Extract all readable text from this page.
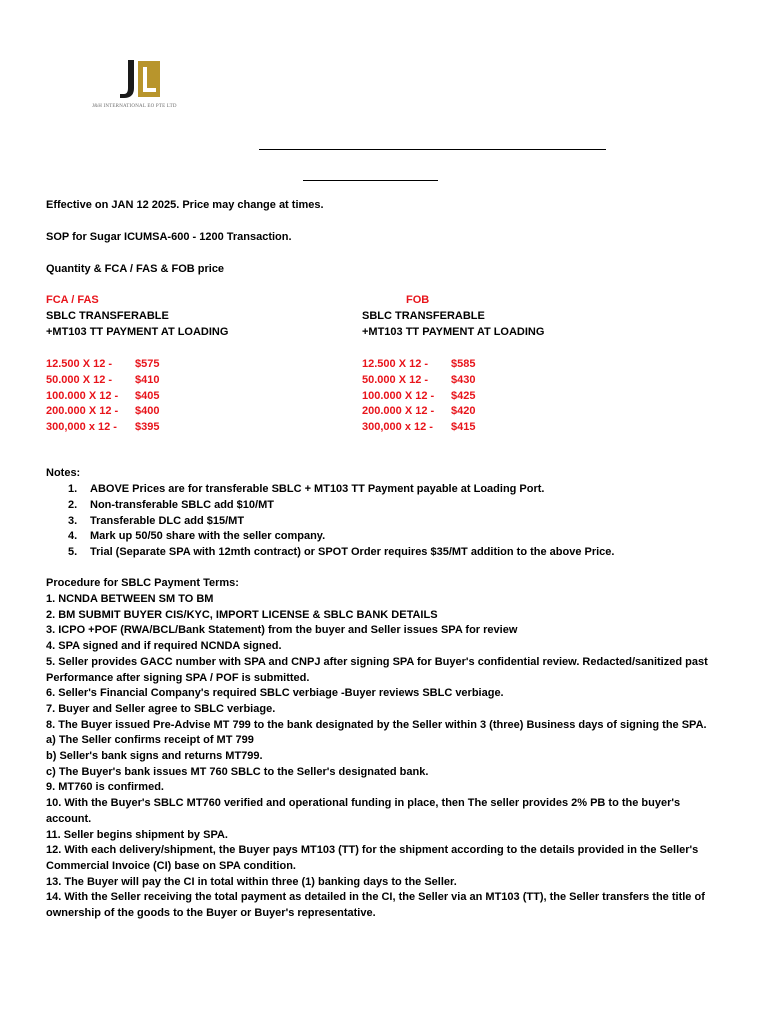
J&H INTERNATIONAL EO PTE LTD
Effective on JAN 12 2025. Price may change at times.
SOP for Sugar ICUMSA-600 - 1200 Transaction.
Quantity & FCA / FAS & FOB price
FCA / FAS
SBLC TRANSFERABLE
+MT103 TT PAYMENT AT LOADING
FOB
SBLC TRANSFERABLE
+MT103 TT PAYMENT AT LOADING
12.500 X 12 - $575
50.000 X 12 - $410
100.000 X 12 - $405
200.000 X 12 - $400
300,000 x 12 - $395
12.500 X 12 - $585
50.000 X 12 - $430
100.000 X 12 - $425
200.000 X 12 - $420
300,000 x 12 - $415
Notes:
1. ABOVE Prices are for transferable SBLC + MT103 TT Payment payable at Loading Port.
2. Non-transferable SBLC add $10/MT
3. Transferable DLC add $15/MT
4. Mark up 50/50 share with the seller company.
5. Trial (Separate SPA with 12mth contract) or SPOT Order requires $35/MT addition to the above Price.
Procedure for SBLC Payment Terms:
1. NCNDA BETWEEN SM TO BM
2. BM SUBMIT BUYER CIS/KYC, IMPORT LICENSE & SBLC BANK DETAILS
3. ICPO +POF (RWA/BCL/Bank Statement) from the buyer and Seller issues SPA for review
4. SPA signed and if required NCNDA signed.
5. Seller provides GACC number with SPA and CNPJ after signing SPA for Buyer's confidential review. Redacted/sanitized past Performance after signing SPA / POF is submitted.
6. Seller's Financial Company's required SBLC verbiage -Buyer reviews SBLC verbiage.
7. Buyer and Seller agree to SBLC verbiage.
8. The Buyer issued Pre-Advise MT 799 to the bank designated by the Seller within 3 (three) Business days of signing the SPA.
a) The Seller confirms receipt of MT 799
b) Seller's bank signs and returns MT799.
c) The Buyer's bank issues MT 760 SBLC to the Seller's designated bank.
9. MT760 is confirmed.
10. With the Buyer's SBLC MT760 verified and operational funding in place, then The seller provides 2% PB to the buyer's account.
11. Seller begins shipment by SPA.
12. With each delivery/shipment, the Buyer pays MT103 (TT) for the shipment according to the details provided in the Seller's Commercial Invoice (CI) base on SPA condition.
13. The Buyer will pay the CI in total within three (1) banking days to the Seller.
14. With the Seller receiving the total payment as detailed in the CI, the Seller via an MT103 (TT), the Seller transfers the title of ownership of the goods to the Buyer or Buyer's representative.
